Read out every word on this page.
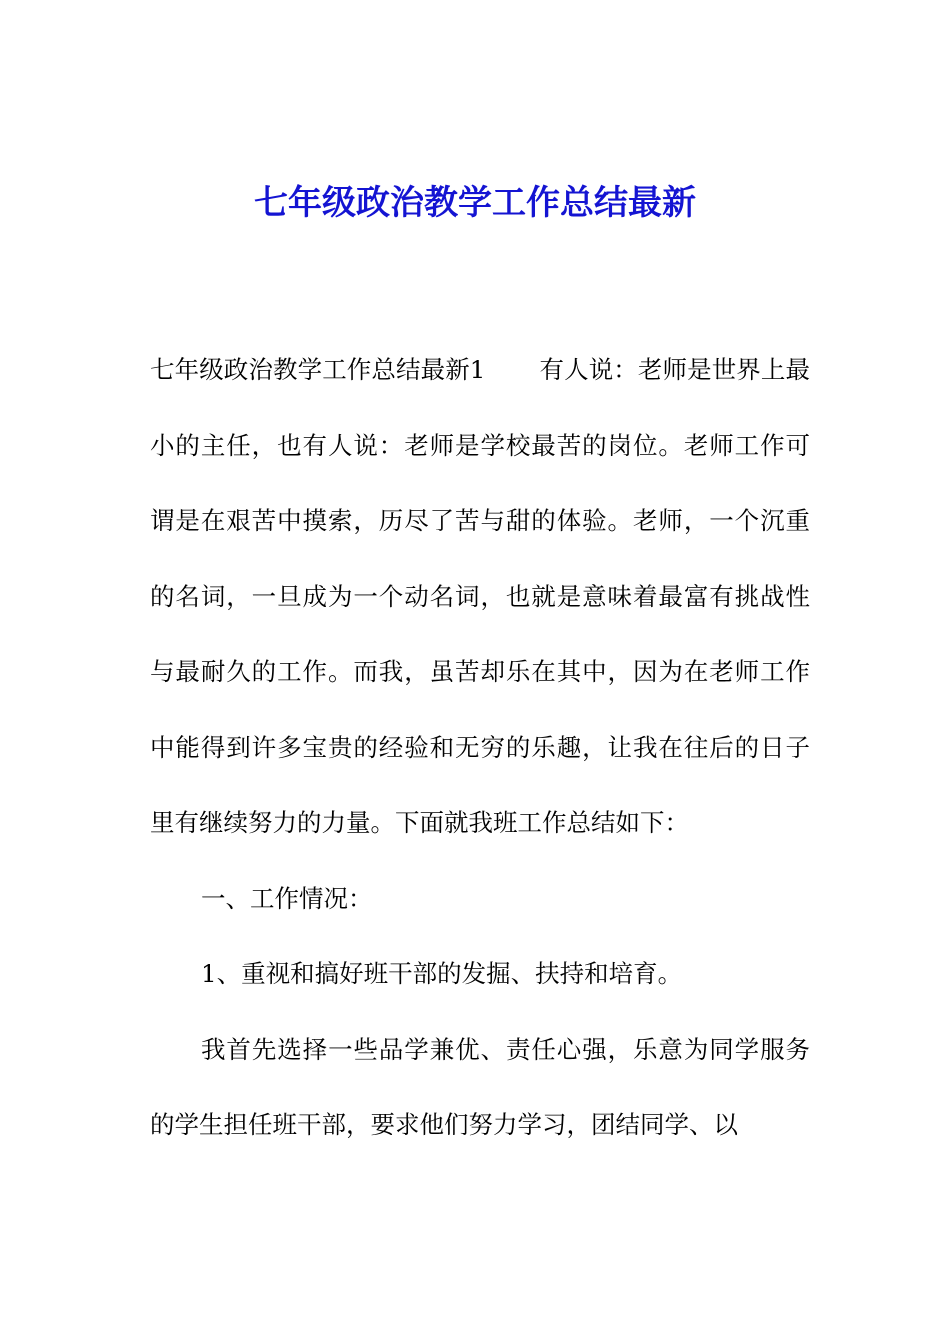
七年级政治教学工作总结最新

七年级政治教学工作总结最新1 有人说：老师是世界上最小的主任，也有人说：老师是学校最苦的岗位。老师工作可谓是在艰苦中摸索，历尽了苦与甜的体验。老师，一个沉重的名词，一旦成为一个动名词，也就是意味着最富有挑战性与最耐久的工作。而我，虽苦却乐在其中，因为在老师工作中能得到许多宝贵的经验和无穷的乐趣，让我在往后的日子里有继续努力的力量。下面就我班工作总结如下：

一、工作情况：

1、重视和搞好班干部的发掘、扶持和培育。

我首先选择一些品学兼优、责任心强，乐意为同学服务的学生担任班干部，要求他们努力学习，团结同学、以
